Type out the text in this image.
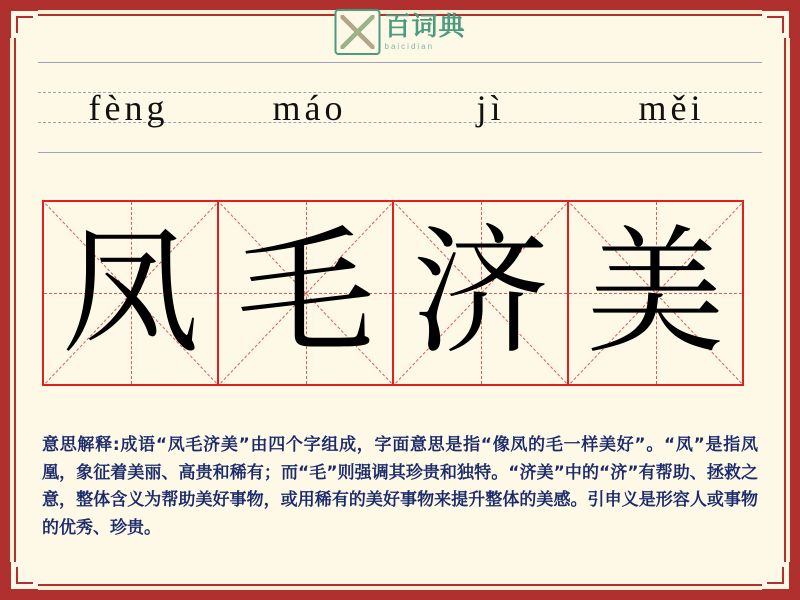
百词典
baicidian
fèng	máo	jì	měi
凤 毛 济 美
意思解释:成语“凤毛济美”由四个字组成，字面意思是指“像凤的毛一样美好”。“凤”是指凤凰，象征着美丽、高贵和稀有；而“毛”则强调其珍贵和独特。“济美”中的“济”有帮助、拯救之意，整体含义为帮助美好事物，或用稀有的美好事物来提升整体的美感。引申义是形容人或事物的优秀、珍贵。
